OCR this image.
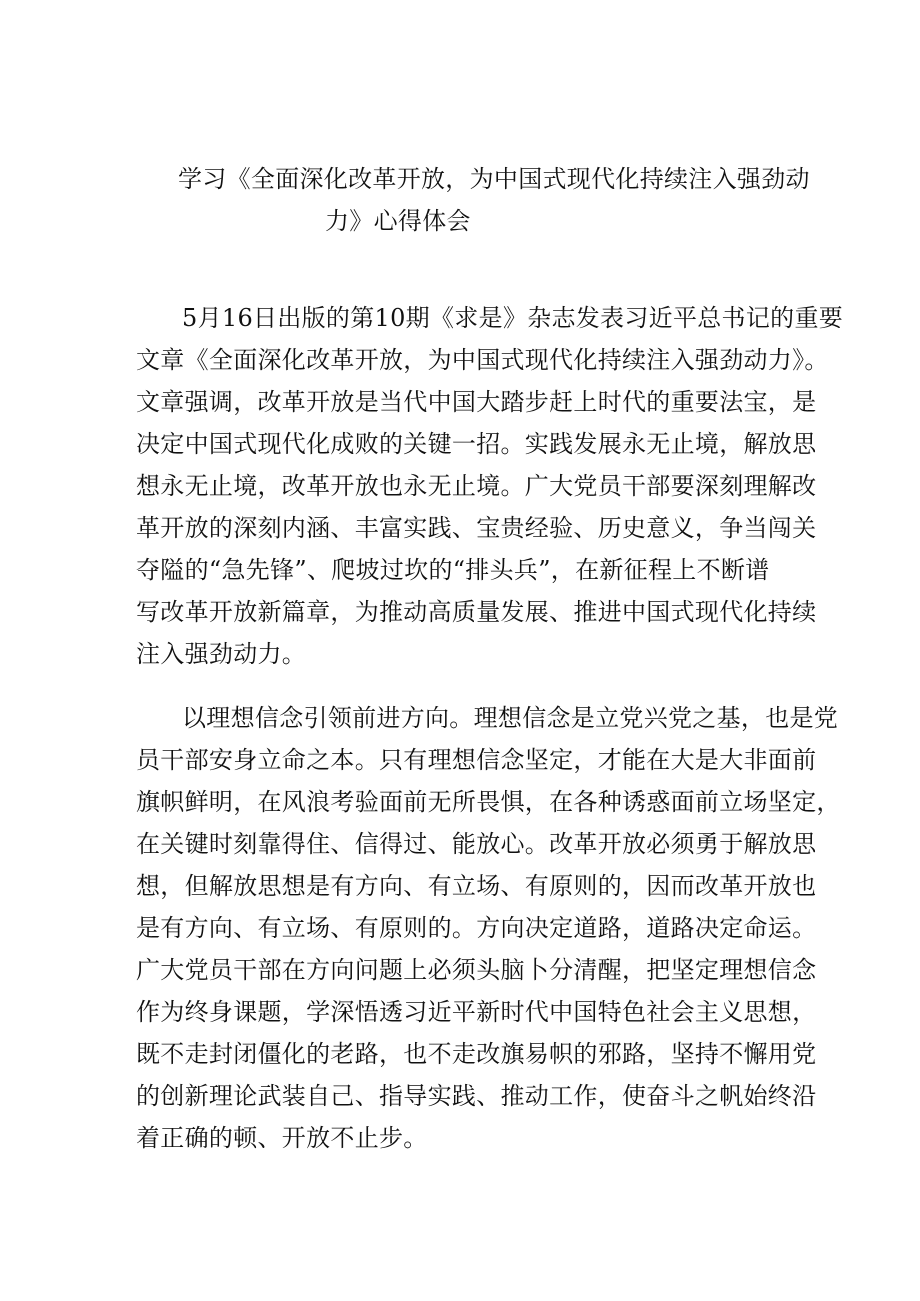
学习《全面深化改革开放，为中国式现代化持续注入强劲动
力》心得体会
5月16日出版的第10期《求是》杂志发表习近平总书记的重要
文章《全面深化改革开放，为中国式现代化持续注入强劲动力》。
文章强调，改革开放是当代中国大踏步赶上时代的重要法宝，是
决定中国式现代化成败的关键一招。实践发展永无止境，解放思
想永无止境，改革开放也永无止境。广大党员干部要深刻理解改
革开放的深刻内涵、丰富实践、宝贵经验、历史意义，争当闯关
夺隘的“急先锋”、爬坡过坎的“排头兵”，在新征程上不断谱
写改革开放新篇章，为推动高质量发展、推进中国式现代化持续
注入强劲动力。
以理想信念引领前进方向。理想信念是立党兴党之基，也是党
员干部安身立命之本。只有理想信念坚定，才能在大是大非面前
旗帜鲜明，在风浪考验面前无所畏惧，在各种诱惑面前立场坚定，
在关键时刻靠得住、信得过、能放心。改革开放必须勇于解放思
想，但解放思想是有方向、有立场、有原则的，因而改革开放也
是有方向、有立场、有原则的。方向决定道路，道路决定命运。
广大党员干部在方向问题上必须头脑卜分清醒，把坚定理想信念
作为终身课题，学深悟透习近平新时代中国特色社会主义思想，
既不走封闭僵化的老路，也不走改旗易帜的邪路，坚持不懈用党
的创新理论武装自己、指导实践、推动工作，使奋斗之帆始终沿
着正确的顿、开放不止步。
